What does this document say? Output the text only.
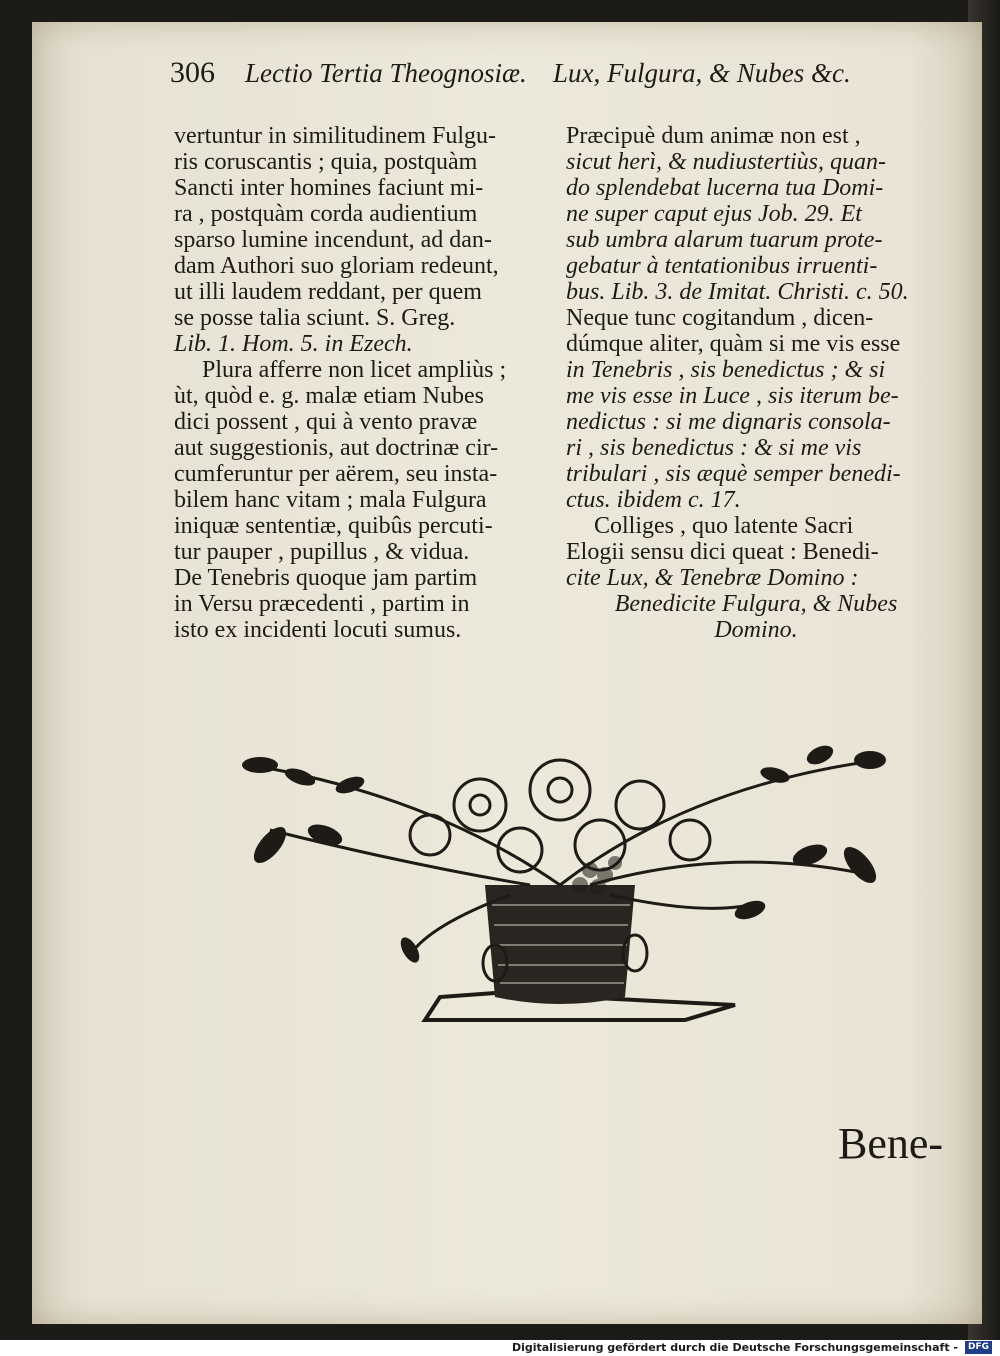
306 Lectio Tertia Theognosiæ. Lux, Fulgura, & Nubes &c.
vertuntur in similitudinem Fulgu-
ris coruscantis ; quia, postquàm
Sancti inter homines faciunt mi-
ra , postquàm corda audientium
sparso lumine incendunt, ad dan-
dam Authori suo gloriam redeunt,
ut illi laudem reddant, per quem
se posse talia sciunt. S. Greg.
Lib. 1. Hom. 5. in Ezech.
Plura afferre non licet ampliùs ;
ùt, quòd e. g. malæ etiam Nubes
dici possent , qui à vento pravæ
aut suggestionis, aut doctrinæ cir-
cumferuntur per aërem, seu insta-
bilem hanc vitam ; mala Fulgura
iniquæ sententiæ, quibûs percuti-
tur pauper , pupillus , & vidua.
De Tenebris quoque jam partim
in Versu præcedenti , partim in
isto ex incidenti locuti sumus.
Præcipuè dum animæ non est ,
sicut herì, & nudiustertiùs, quan-
do splendebat lucerna tua Domi-
ne super caput ejus Job. 29. Et
sub umbra alarum tuarum prote-
gebatur à tentationibus irruenti-
bus. Lib. 3. de Imitat. Christi. c. 50.
Neque tunc cogitandum , dicen-
dúmque aliter, quàm si me vis esse
in Tenebris , sis benedictus ; & si
me vis esse in Luce , sis iterum be-
nedictus : si me dignaris consola-
ri , sis benedictus : & si me vis
tribulari , sis æquè semper benedi-
ctus. ibidem c. 17.
Colliges , quo latente Sacri
Elogii sensu dici queat : Benedi-
cite Lux, & Tenebræ Domino :
Benedicite Fulgura, & Nubes
Domino.
Bene-
Digitalisierung gefördert durch die Deutsche Forschungsgemeinschaft -	DFG
